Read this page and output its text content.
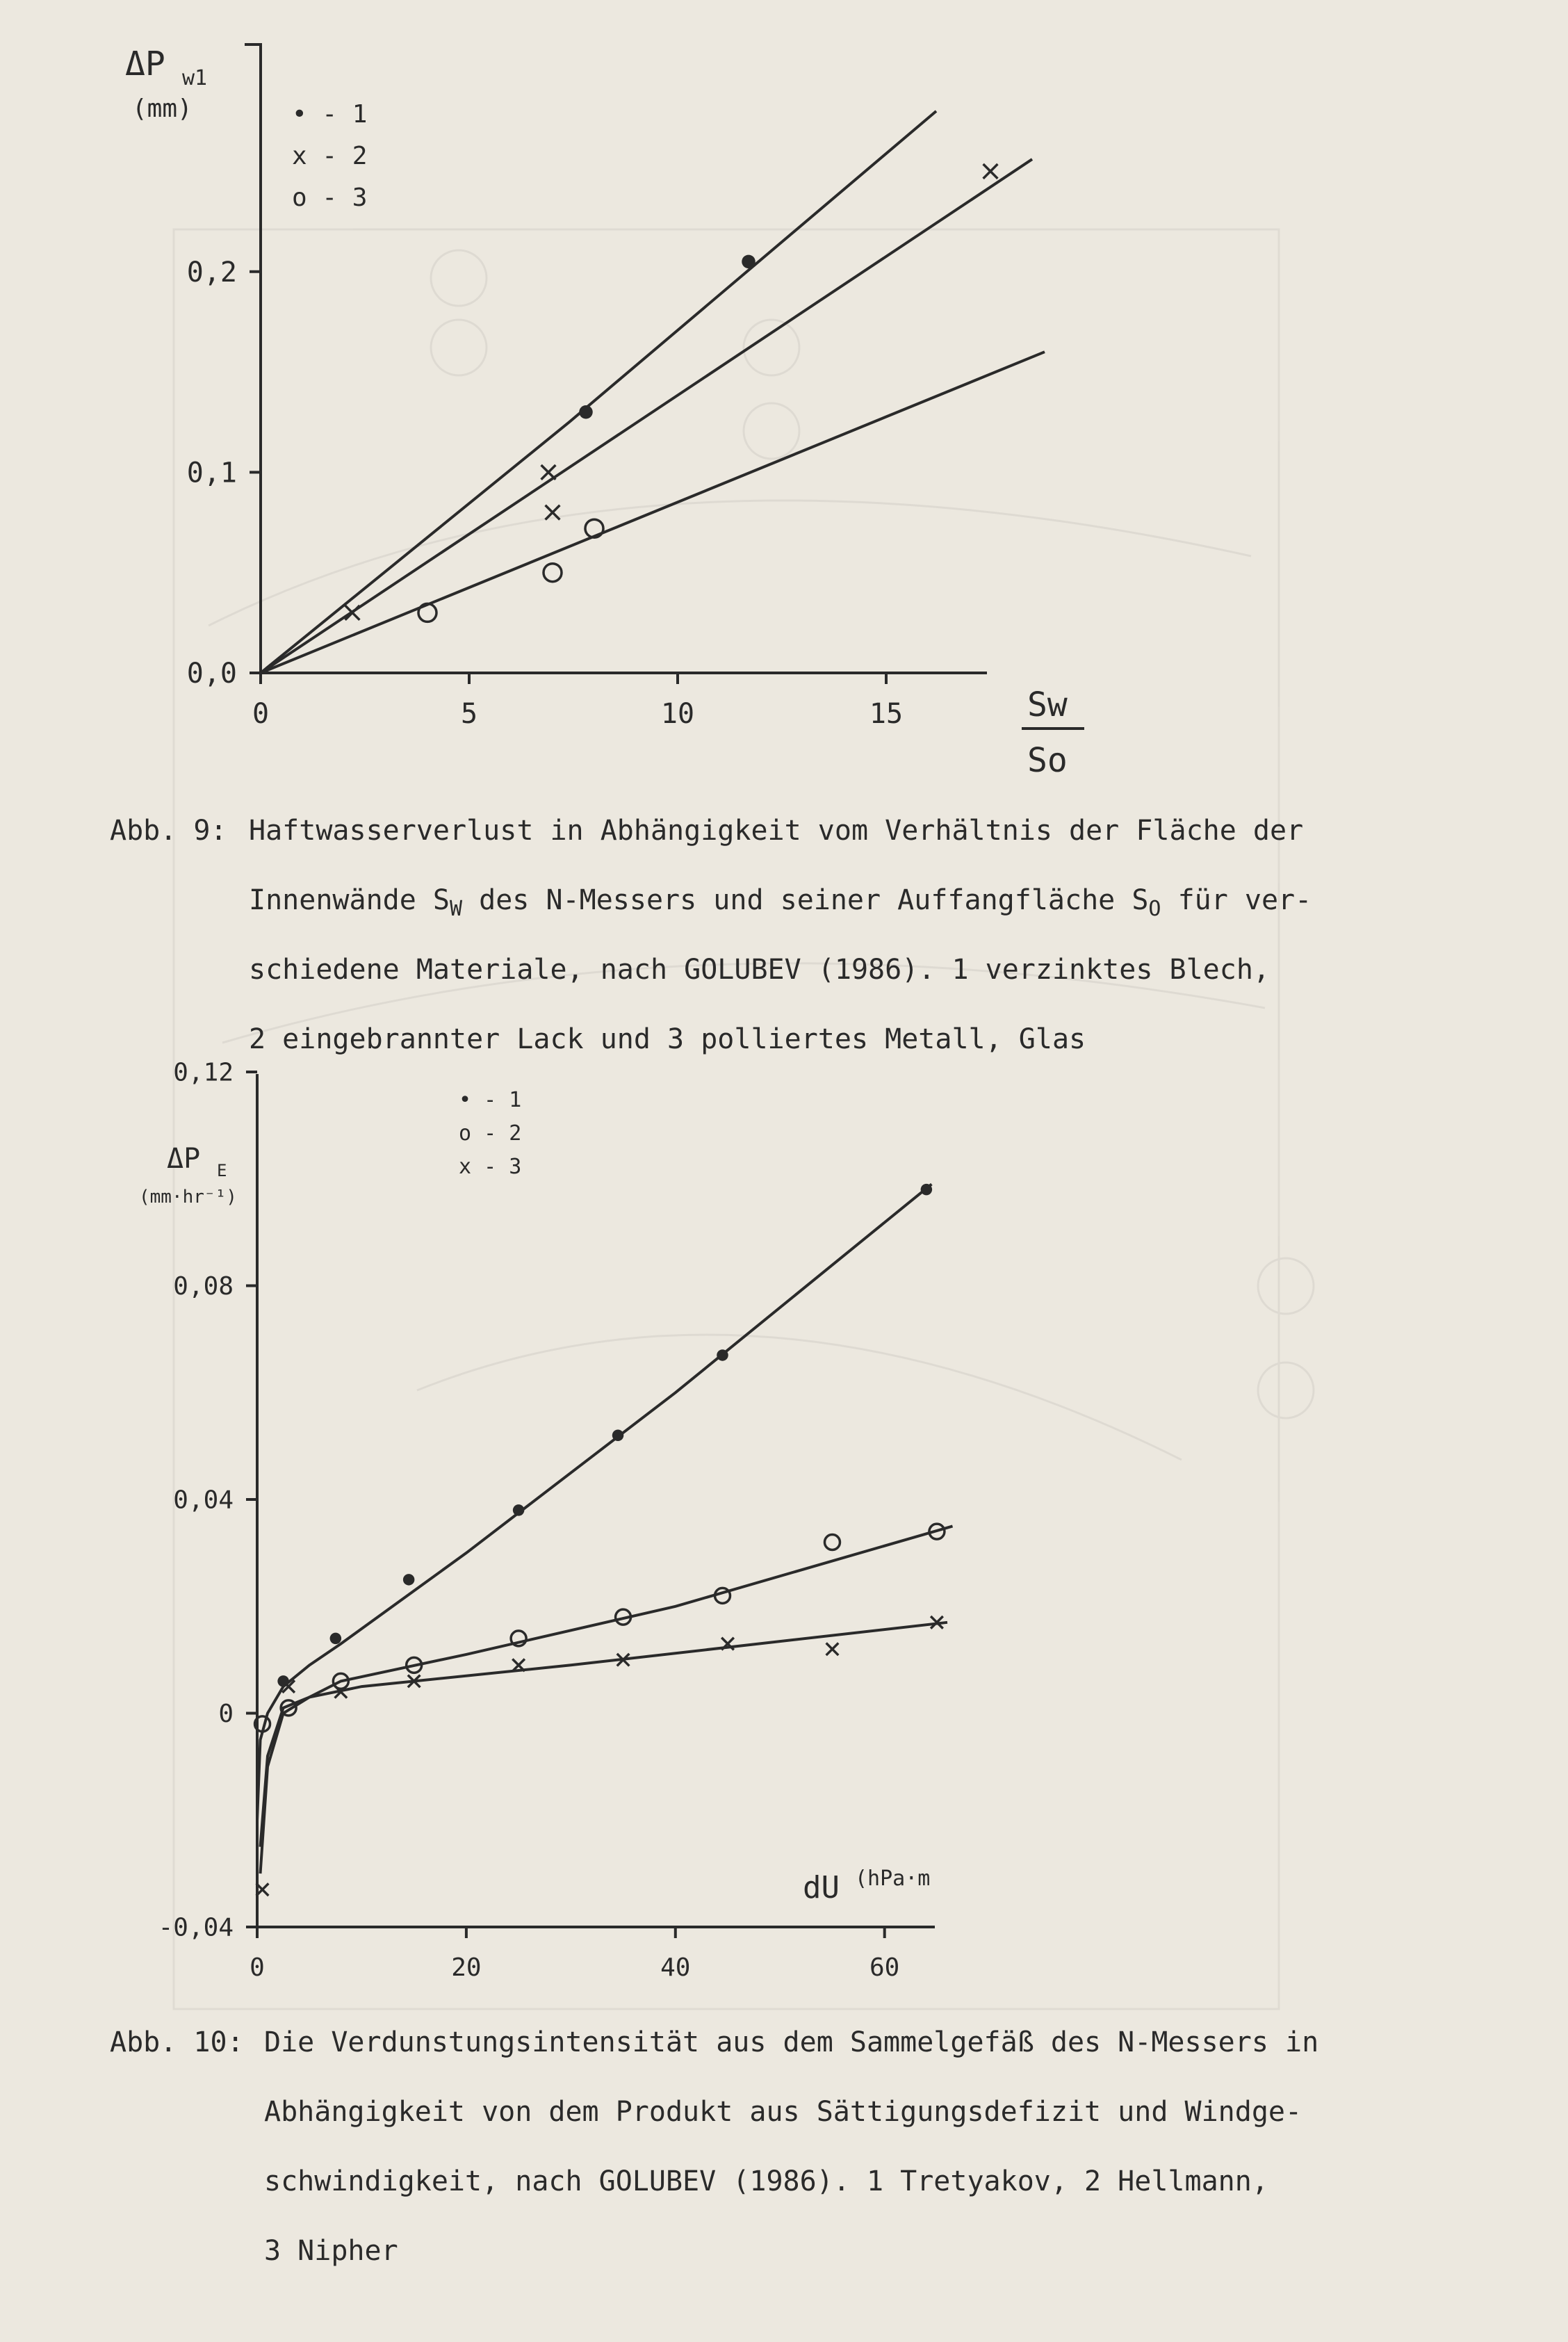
0	5	10	15
0,0
0,1
0,2
ΔP w1
(mm)	• - 1
x - 2
o - 3
Sw
So
0	20	40	60
-0,04
0
0,04
0,08
0,12
ΔP E
(mm·hr⁻¹)
• - 1
o - 2
x - 3
dU (hPa·m
Abb. 9: Haftwasserverlust in Abhängigkeit vom Verhältnis der Fläche der
Innenwände $S_W$ des N-Messers und seiner Auffangfläche $S_O$ für ver-
schiedene Materiale, nach GOLUBEV (1986). 1 verzinktes Blech,
2 eingebrannter Lack und 3 polliertes Metall, Glas
Abb. 10: Die Verdunstungsintensität aus dem Sammelgefäß des N-Messers in
Abhängigkeit von dem Produkt aus Sättigungsdefizit und Windge-
schwindigkeit, nach GOLUBEV (1986). 1 Tretyakov, 2 Hellmann,
3 Nipher
